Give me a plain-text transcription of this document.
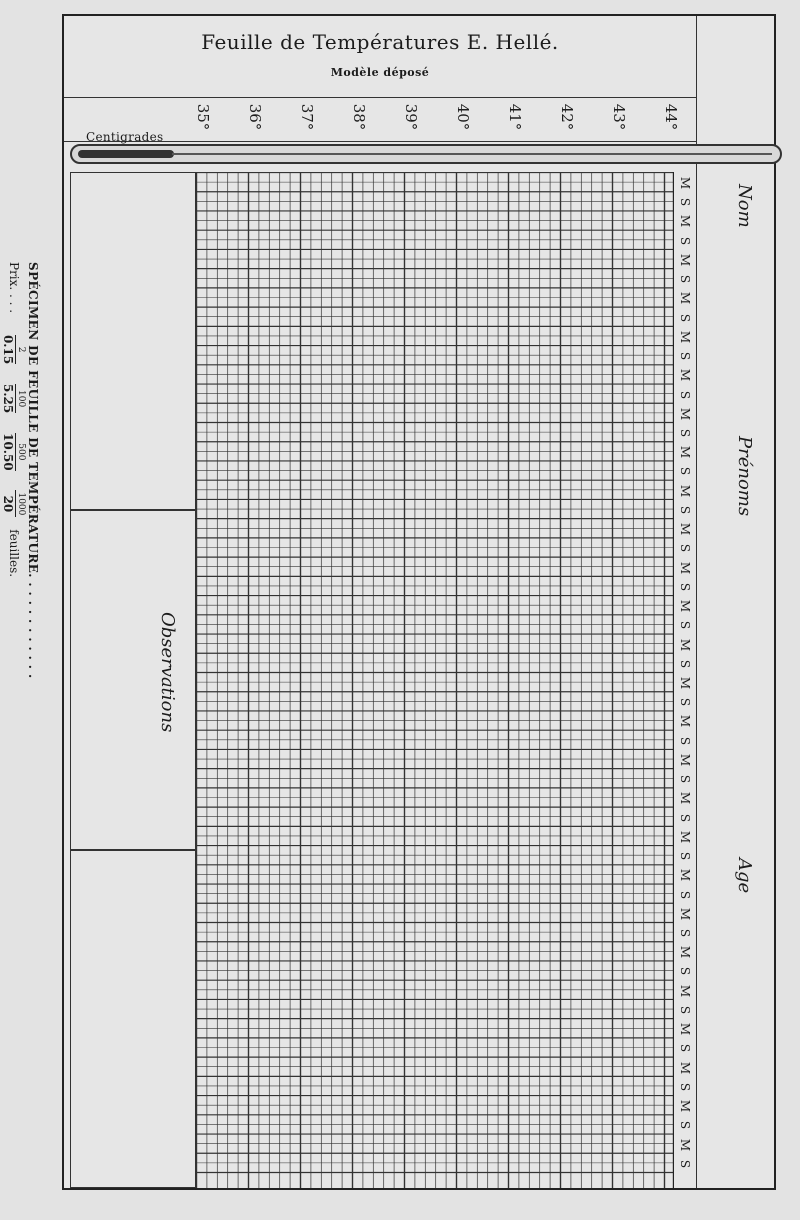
SPÉCIMEN DE FEUILLE DE TEMPÉRATURE. . . . . . . . . . . .
Prix. . . .
2
0.15

100
5.25

500
10.50

1000
20
feuilles.
Feuille de Températures E. Hellé.
Modèle déposé
35° 36° 37° 38° 39° 40° 41° 42° 43° 44°
Centigrades
Observations
M
S
M
S
M
S
M
S
M
S
M
S
M
S
M
S
M
S
M
S
M
S
M
S
M
S
M
S
M
S
M
S
M
S
M
S
M
S
M
S
M
S
M
S
M
S
M
S
M
S
M
S
Nom
Prénoms
Age
